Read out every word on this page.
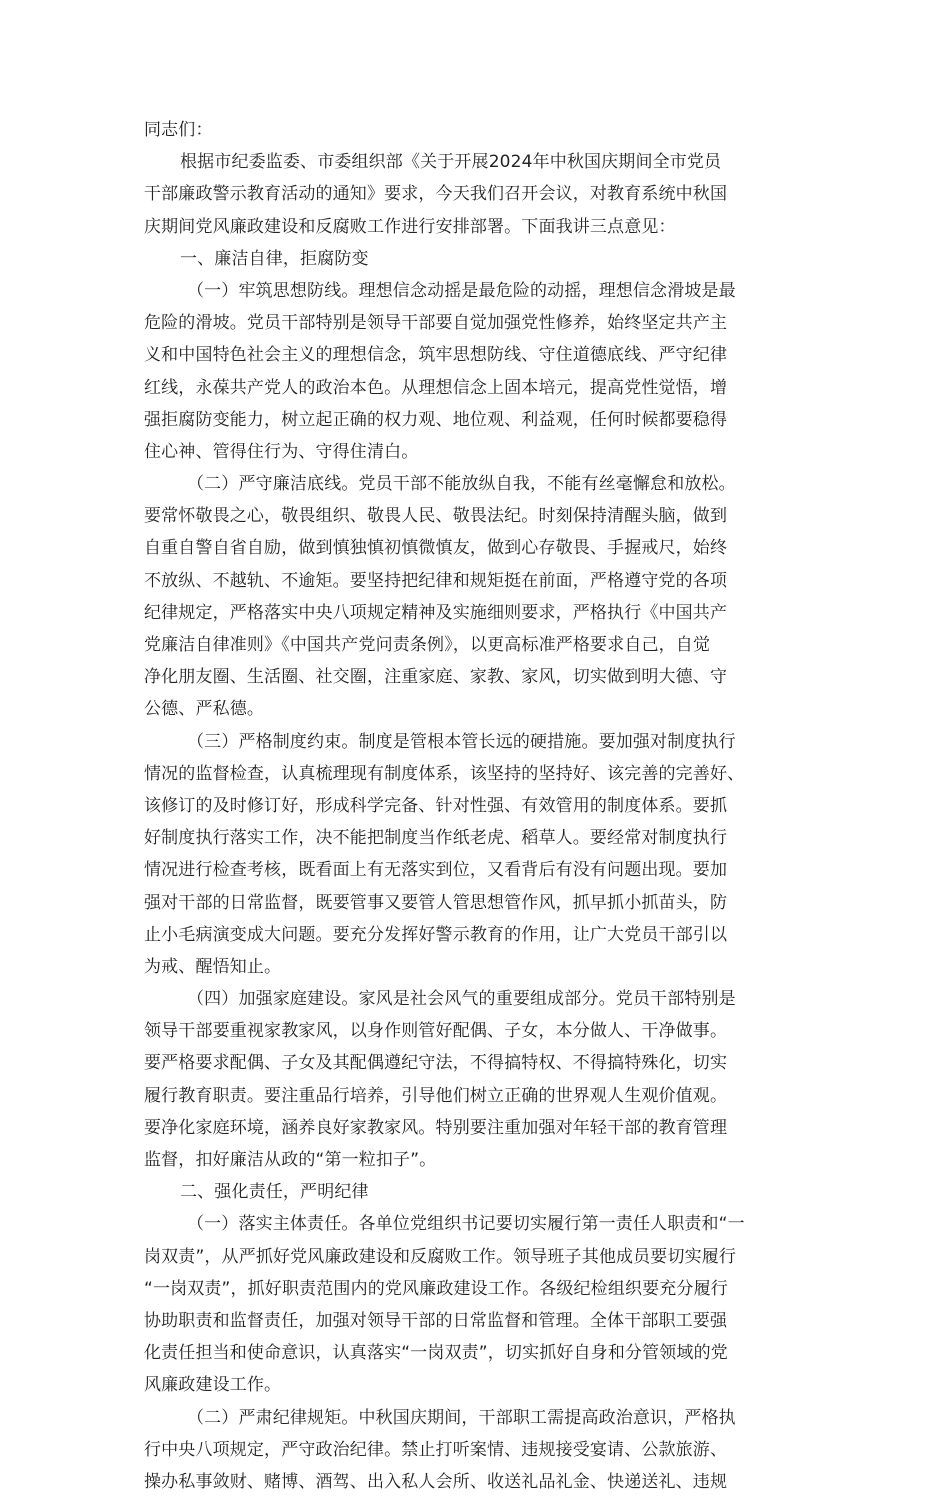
同志们：
根据市纪委监委、市委组织部《关于开展2024年中秋国庆期间全市党员
干部廉政警示教育活动的通知》要求，今天我们召开会议，对教育系统中秋国
庆期间党风廉政建设和反腐败工作进行安排部署。下面我讲三点意见：
一、廉洁自律，拒腐防变
（一）牢筑思想防线。理想信念动摇是最危险的动摇，理想信念滑坡是最
危险的滑坡。党员干部特别是领导干部要自觉加强党性修养，始终坚定共产主
义和中国特色社会主义的理想信念，筑牢思想防线、守住道德底线、严守纪律
红线，永葆共产党人的政治本色。从理想信念上固本培元，提高党性觉悟，增
强拒腐防变能力，树立起正确的权力观、地位观、利益观，任何时候都要稳得
住心神、管得住行为、守得住清白。
（二）严守廉洁底线。党员干部不能放纵自我，不能有丝毫懈怠和放松。
要常怀敬畏之心，敬畏组织、敬畏人民、敬畏法纪。时刻保持清醒头脑，做到
自重自警自省自励，做到慎独慎初慎微慎友，做到心存敬畏、手握戒尺，始终
不放纵、不越轨、不逾矩。要坚持把纪律和规矩挺在前面，严格遵守党的各项
纪律规定，严格落实中央八项规定精神及实施细则要求，严格执行《中国共产
党廉洁自律准则》《中国共产党问责条例》，以更高标准严格要求自己，自觉
净化朋友圈、生活圈、社交圈，注重家庭、家教、家风，切实做到明大德、守
公德、严私德。
（三）严格制度约束。制度是管根本管长远的硬措施。要加强对制度执行
情况的监督检查，认真梳理现有制度体系，该坚持的坚持好、该完善的完善好、
该修订的及时修订好，形成科学完备、针对性强、有效管用的制度体系。要抓
好制度执行落实工作，决不能把制度当作纸老虎、稻草人。要经常对制度执行
情况进行检查考核，既看面上有无落实到位，又看背后有没有问题出现。要加
强对干部的日常监督，既要管事又要管人管思想管作风，抓早抓小抓苗头，防
止小毛病演变成大问题。要充分发挥好警示教育的作用，让广大党员干部引以
为戒、醒悟知止。
（四）加强家庭建设。家风是社会风气的重要组成部分。党员干部特别是
领导干部要重视家教家风，以身作则管好配偶、子女，本分做人、干净做事。
要严格要求配偶、子女及其配偶遵纪守法，不得搞特权、不得搞特殊化，切实
履行教育职责。要注重品行培养，引导他们树立正确的世界观人生观价值观。
要净化家庭环境，涵养良好家教家风。特别要注重加强对年轻干部的教育管理
监督，扣好廉洁从政的“第一粒扣子”。
二、强化责任，严明纪律
（一）落实主体责任。各单位党组织书记要切实履行第一责任人职责和“一
岗双责”，从严抓好党风廉政建设和反腐败工作。领导班子其他成员要切实履行
“一岗双责”，抓好职责范围内的党风廉政建设工作。各级纪检组织要充分履行
协助职责和监督责任，加强对领导干部的日常监督和管理。全体干部职工要强
化责任担当和使命意识，认真落实“一岗双责”，切实抓好自身和分管领域的党
风廉政建设工作。
（二）严肃纪律规矩。中秋国庆期间，干部职工需提高政治意识，严格执
行中央八项规定，严守政治纪律。禁止打听案情、违规接受宴请、公款旅游、
操办私事敛财、赌博、酒驾、出入私人会所、收送礼品礼金、快递送礼、违规
